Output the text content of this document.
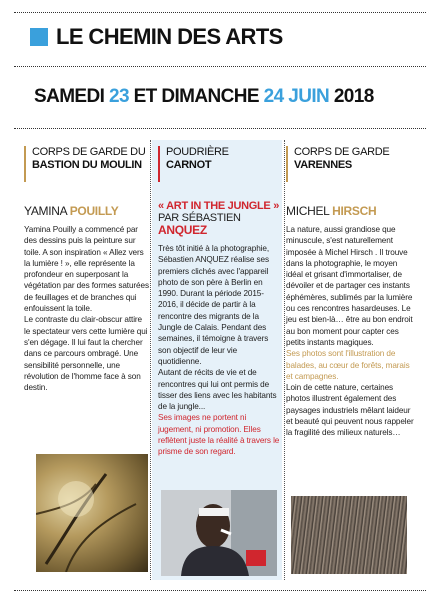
LE CHEMIN DES ARTS
SAMEDI 23 ET DIMANCHE 24 JUIN 2018
CORPS DE GARDE DU
BASTION DU MOULIN
YAMINA POUILLY

Yamina Pouilly a commencé par des dessins puis la peinture sur toile. A son inspiration « Allez vers la lumière ! », elle représente la profondeur en superposant la végétation par des formes saturées de feuillages et de branches qui enfouissent la toile.

Le contraste du clair-obscur attire le spectateur vers cette lumière qui s'en dégage. Il lui faut la chercher dans ce parcours ombragé. Une sensibilité personnelle, une révolution de l'homme face à son destin.

POUDRIÈRE
CARNOT
« ART IN THE JUNGLE »
PAR SÉBASTIEN
ANQUEZ

Très tôt initié à la photographie, Sébastien ANQUEZ réalise ses premiers clichés avec l'appareil photo de son père à Berlin en 1990. Durant la période 2015-2016, il décide de partir à la rencontre des migrants de la Jungle de Calais. Pendant des semaines, il témoigne à travers son objectif de leur vie quotidienne.

Autant de récits de vie et de rencontres qui lui ont permis de tisser des liens avec les habitants de la jungle...

Ses images ne portent ni jugement, ni promotion. Elles reflètent juste la réalité à travers le prisme de son regard.

CORPS DE GARDE
VARENNES
MICHEL HIRSCH

La nature, aussi grandiose que minuscule, s'est naturellement imposée à Michel Hirsch . Il trouve dans la photographie, le moyen idéal et grisant d'immortaliser, de dévoiler et de partager ces instants éphémères, sublimés par la lumière ou ces rencontres hasardeuses. Le jeu est bien-là… être au bon endroit au bon moment pour capter ces petits instants magiques.

Ses photos sont l'illustration de balades, au cœur de forêts, marais et campagnes.

Loin de cette nature, certaines photos illustrent également des paysages industriels mêlant laideur et beauté qui peuvent nous rappeler la fragilité des milieux naturels…
